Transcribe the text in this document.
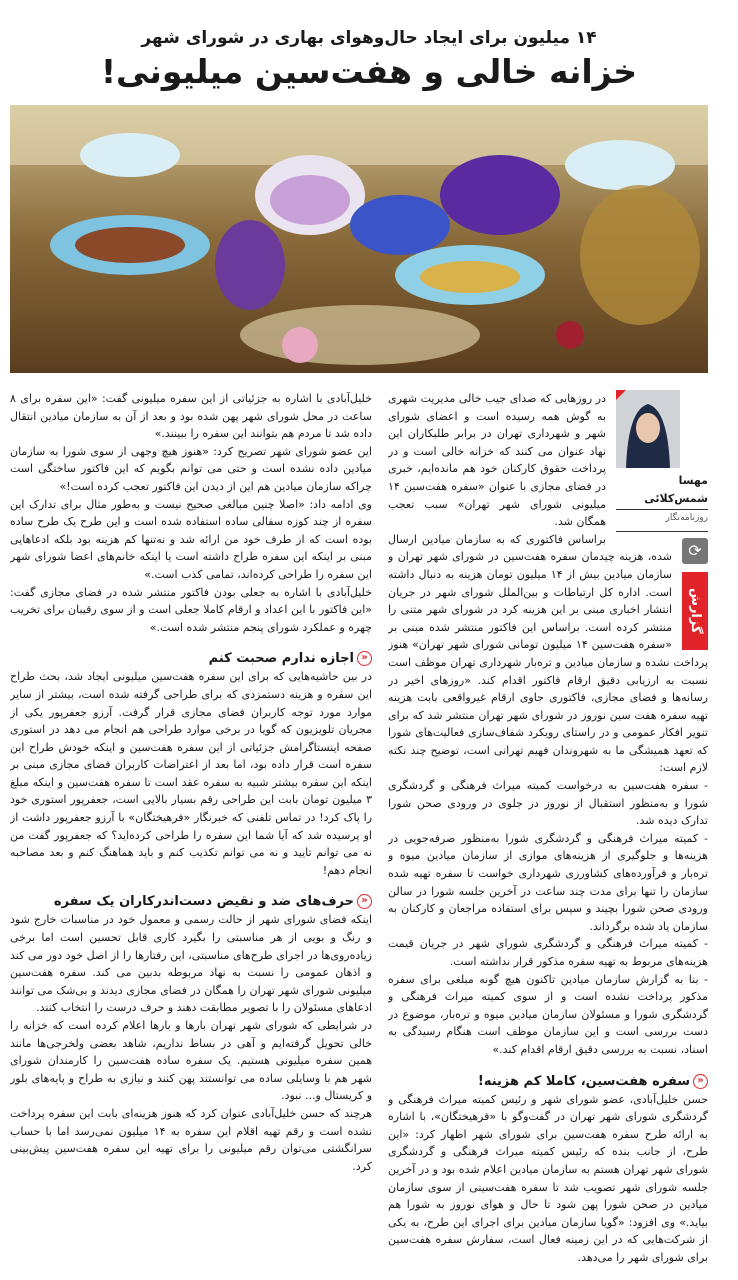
۱۴ میلیون برای ایجاد حال‌وهوای بهاری در شورای شهر
خزانه خالی و هفت‌سین میلیونی!
مهسا شمس‌کلائی
روزنامه‌نگار

در روزهایی که صدای جیب خالی مدیریت شهری به گوش همه رسیده است و اعضای شورای شهر و شهرداری تهران در برابر طلبکاران این نهاد عنوان می کنند که خزانه خالی است و در پرداخت حقوق کارکنان خود هم مانده‌ایم، خبری در فضای مجازی با عنوان «سفره هفت‌سین ۱۴ میلیونی شورای شهر تهران» سبب تعجب همگان شد.

⟳
گزارش

براساس فاکتوری که به سازمان میادین ارسال شده، هزینه چیدمان سفره هفت‌سین در شورای شهر تهران و سازمان میادین بیش از ۱۴ میلیون تومان هزینه به دنبال داشته است. اداره کل ارتباطات و بین‌الملل شورای شهر در جریان انتشار اخباری مبنی بر این هزینه کرد در شورای شهر متنی را منتشر کرده است. براساس این فاکتور منتشر شده مبنی بر «سفره هفت‌سین ۱۴ میلیون تومانی شورای شهر تهران» هنوز پرداخت نشده و سازمان میادین و تره‌بار شهرداری تهران موظف است نسبت به ارزیابی دقیق ارقام فاکتور اقدام کند. «روزهای اخیر در رسانه‌ها و فضای مجازی، فاکتوری حاوی ارقام غیرواقعی بابت هزینه تهیه سفره هفت سین نوروز در شورای شهر تهران منتشر شد که برای تنویر افکار عمومی و در راستای رویکرد شفاف‌سازی فعالیت‌های شورا که تعهد همیشگی ما به شهروندان فهیم تهرانی است، توضیح چند نکته لازم است:

- سفره هفت‌سین به درخواست کمیته میراث فرهنگی و گردشگری شورا و به‌منظور استقبال از نوروز در جلوی در ورودی صحن شورا تدارک دیده شد.

- کمیته میراث فرهنگی و گردشگری شورا به‌منظور صرفه‌جویی در هزینه‌ها و جلوگیری از هزینه‌های موازی از سازمان میادین میوه و تره‌بار و فرآورده‌های کشاورزی شهرداری خواست تا سفره تهیه شده سازمان را تنها برای مدت چند ساعت در آخرین جلسه شورا در سالن ورودی صحن شورا بچیند و سپس برای استفاده مراجعان و کارکنان به سازمان یاد شده برگرداند.

- کمیته میراث فرهنگی و گردشگری شورای شهر در جریان قیمت هزینه‌های مربوط به تهیه سفره مذکور قرار نداشته است.

- بنا به گزارش سازمان میادین تاکنون هیچ گونه مبلغی برای سفره مذکور پرداخت نشده است و از سوی کمیته میراث فرهنگی و گردشگری شورا و مسئولان سازمان میادین میوه و تره‌بار، موضوع در دست بررسی است و این سازمان موظف است هنگام رسیدگی به اسناد، نسبت به بررسی دقیق ارقام اقدام کند.»

«سفره هفت‌سین، کاملا کم هزینه!

حسن خلیل‌آبادی، عضو شورای شهر و رئیس کمیته میراث فرهنگی و گردشگری شورای شهر تهران در گفت‌وگو با «فرهیختگان»، با اشاره به ارائه طرح سفره هفت‌سین برای شورای شهر اظهار کرد: «این طرح، از جانب بنده که رئیس کمیته میراث فرهنگی و گردشگری شورای شهر تهران هستم به سازمان میادین اعلام شده بود و در آخرین جلسه شورای شهر تصویب شد تا سفره هفت‌سینی از سوی سازمان میادین در صحن شورا پهن شود تا حال و هوای نوروز به شورا هم بیاید.» وی افزود: «گویا سازمان میادین برای اجرای این طرح، به یکی از شرکت‌هایی که در این زمینه فعال است، سفارش سفره هفت‌سین برای شورای شهر را می‌دهد.

خلیل‌آبادی با اشاره به جزئیاتی از این سفره میلیونی گفت: «این سفره برای ۸ ساعت در محل شورای شهر پهن شده بود و بعد از آن به سازمان میادین انتقال داده شد تا مردم هم بتوانند این سفره را ببینند.»

این عضو شورای شهر تصریح کرد: «هنوز هیچ وجهی از سوی شورا به سازمان میادین داده نشده است و حتی می توانم بگویم که این فاکتور ساختگی است چراکه سازمان میادین هم این از دیدن این فاکتور تعجب کرده است!»

وی ادامه داد: «اصلا چنین مبالغی صحیح نیست و به‌طور مثال برای تدارک این سفره از چند کوزه سفالی ساده استفاده شده است و این طرح یک طرح ساده بوده است که از طرف خود من ارائه شد و نه‌تنها کم هزینه بود بلکه ادعاهایی مبنی بر اینکه این سفره طراح داشته است یا اینکه خانم‌های اعضا شورای شهر این سفره را طراحی کرده‌اند، تمامی کذب است.»

خلیل‌آبادی با اشاره به جعلی بودن فاکتور منتشر شده در فضای مجازی گفت: «این فاکتور با این اعداد و ارقام کاملا جعلی است و از سوی رقیبان برای تخریب چهره و عملکرد شورای پنجم منتشر شده است.»

«اجازه ندارم صحبت کنم

در بین حاشیه‌هایی که برای این سفره هفت‌سین میلیونی ایجاد شد، بحث طراح این سفره و هزینه دستمزدی که برای طراحی گرفته شده است، بیشتر از سایر موارد مورد توجه کاربران فضای مجازی قرار گرفت. آرزو جعفرپور یکی از مجریان تلویزیون که گویا در برخی موارد طراحی هم انجام می دهد در استوری صفحه اینستاگرامش جزئیاتی از این سفره هفت‌سین و اینکه خودش طراح این سفره است قرار داده بود، اما بعد از اعتراضات کاربران فضای مجازی مبنی بر اینکه این سفره بیشتر شبیه به سفره عقد است تا سفره هفت‌سین و اینکه مبلغ ۳ میلیون تومان بابت این طراحی رقم بسیار بالایی است، جعفرپور استوری خود را پاک کرد! در تماس تلفنی که خبرنگار «فرهیختگان» با آرزو جعفرپور داشت از او پرسیده شد که آیا شما این سفره را طراحی کرده‌اید؟ که جعفرپور گفت من نه می توانم تایید و نه می توانم تکذیب کنم و باید هماهنگ کنم و بعد مصاحبه انجام دهم!

«حرف‌های ضد و نقیض دست‌اندرکاران یک سفره

اینکه فضای شورای شهر از حالت رسمی و معمول خود در مناسبات خارج شود و رنگ و بویی از هر مناسبتی را بگیرد کاری قابل تحسین است اما برخی زیاده‌روی‌ها در اجرای طرح‌های مناسبتی، این رفتارها را از اصل خود دور می کند و اذهان عمومی را نسبت به نهاد مربوطه بدبین می کند. سفره هفت‌سین میلیونی شورای شهر تهران را همگان در فضای مجازی دیدند و بی‌شک می توانند ادعاهای مسئولان را با تصویر مطابقت دهند و حرف درست را انتخاب کنند.

در شرایطی که شورای شهر تهران بارها و بارها اعلام کرده است که خزانه را خالی تحویل گرفته‌ایم و آهی در بساط نداریم، شاهد بعضی ولخرجی‌ها مانند همین سفره میلیونی هستیم. یک سفره ساده هفت‌سین را کارمندان شورای شهر هم با وسایلی ساده می توانستند پهن کنند و نیازی به طراح و پایه‌های بلور و کریستال و... نبود.

هرچند که حسن خلیل‌آبادی عنوان کرد که هنوز هزینه‌ای بابت این سفره پرداخت نشده است و رقم تهیه اقلام این سفره به ۱۴ میلیون نمی‌رسد اما با حساب سرانگشتی می‌توان رقم میلیونی را برای تهیه این سفره هفت‌سین پیش‌بینی کرد.
